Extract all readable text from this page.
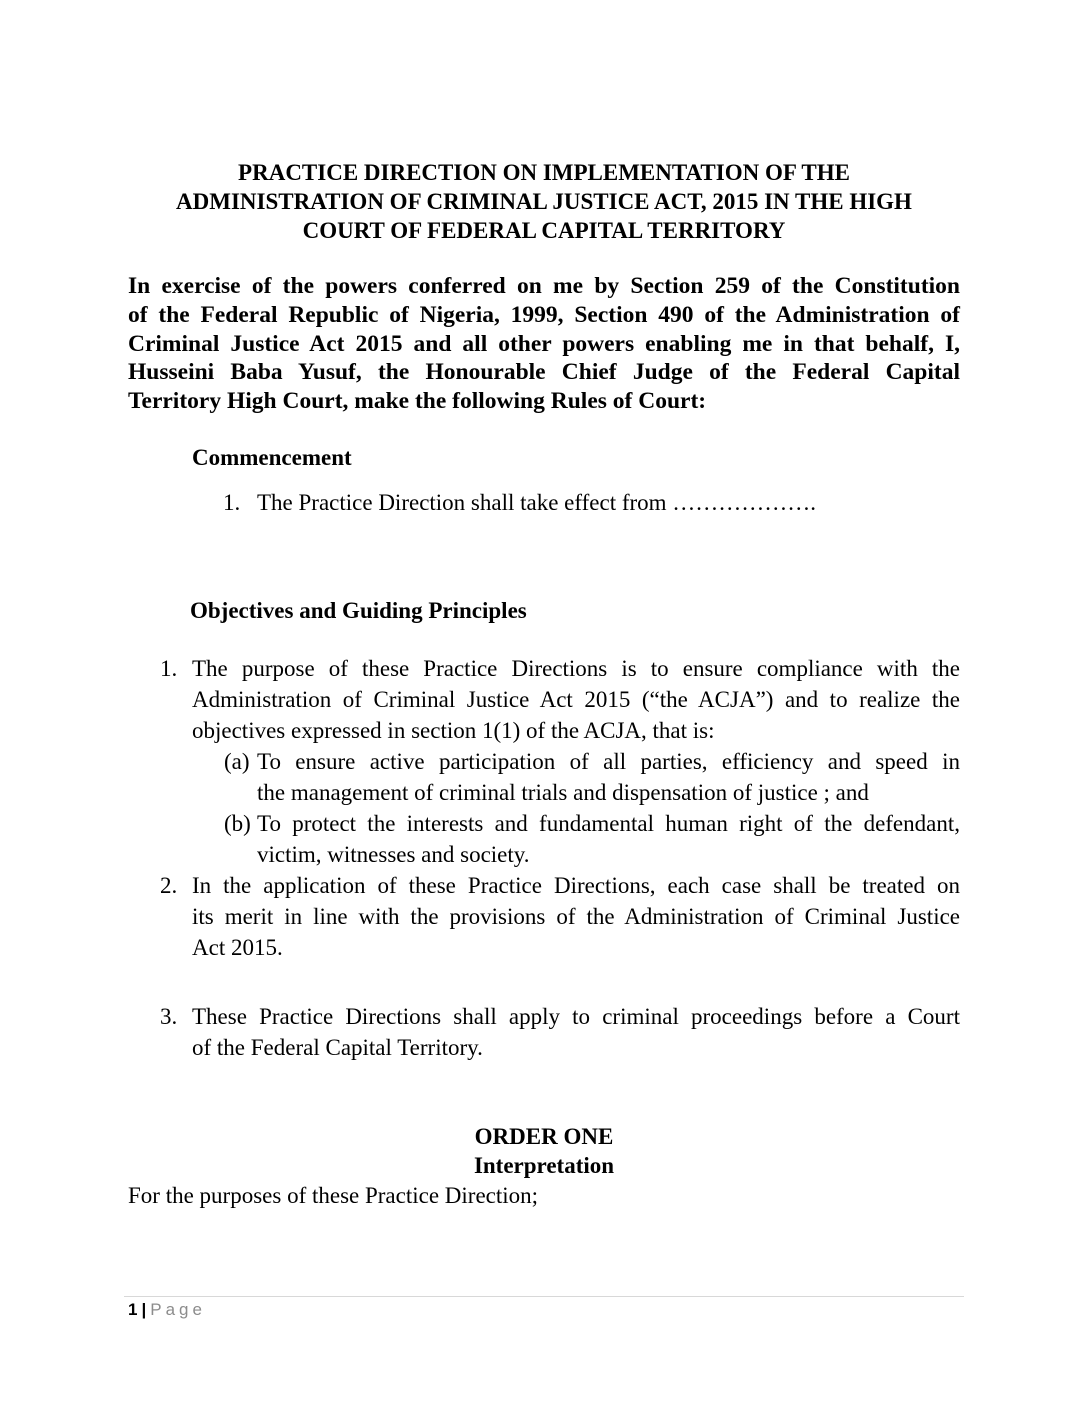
PRACTICE DIRECTION ON IMPLEMENTATION OF THE
ADMINISTRATION OF CRIMINAL JUSTICE ACT, 2015 IN THE HIGH
COURT OF FEDERAL CAPITAL TERRITORY
In exercise of the powers conferred on me by Section 259 of the Constitution
of the Federal Republic of Nigeria, 1999, Section 490 of the Administration of
Criminal Justice Act 2015 and all other powers enabling me in that behalf, I,
Husseini Baba Yusuf, the Honourable Chief Judge of the Federal Capital
Territory High Court, make the following Rules of Court:
Commencement
1. The Practice Direction shall take effect from ……………….
Objectives and Guiding Principles
1. The purpose of these Practice Directions is to ensure compliance with the
Administration of Criminal Justice Act 2015 (“the ACJA”) and to realize the
objectives expressed in section 1(1) of the ACJA, that is:
(a) To ensure active participation of all parties, efficiency and speed in
the management of criminal trials and dispensation of justice ; and
(b) To protect the interests and fundamental human right of the defendant,
victim, witnesses and society.
2. In the application of these Practice Directions, each case shall be treated on
its merit in line with the provisions of the Administration of Criminal Justice
Act 2015.
3. These Practice Directions shall apply to criminal proceedings before a Court
of the Federal Capital Territory.
ORDER ONE
Interpretation
For the purposes of these Practice Direction;
1 | Page
